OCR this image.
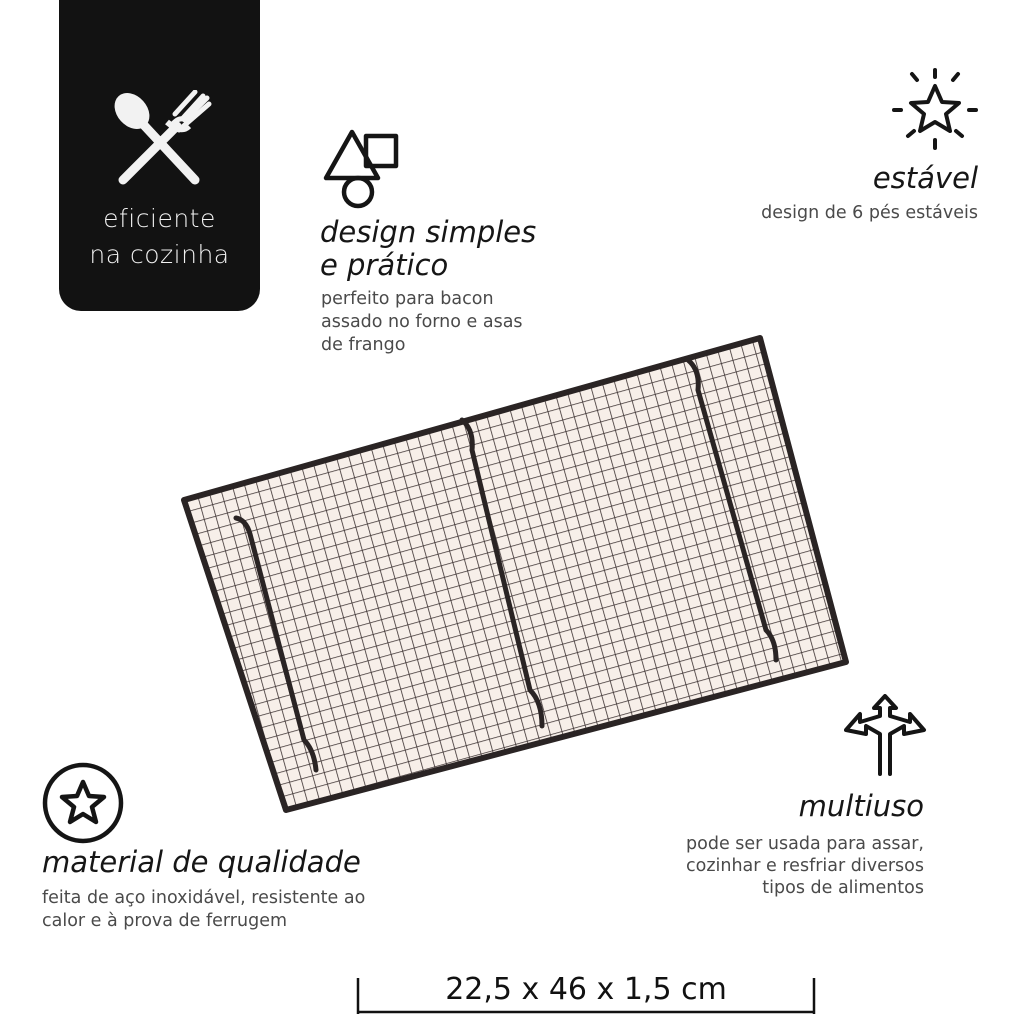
eficiente
na cozinha
design simples
e prático
perfeito para bacon
assado no forno e asas
de frango
estável
design de 6 pés estáveis
multiuso
pode ser usada para assar,
cozinhar e resfriar diversos
tipos de alimentos
material de qualidade
feita de aço inoxidável, resistente ao
calor e à prova de ferrugem
22,5 x 46 x 1,5 cm
